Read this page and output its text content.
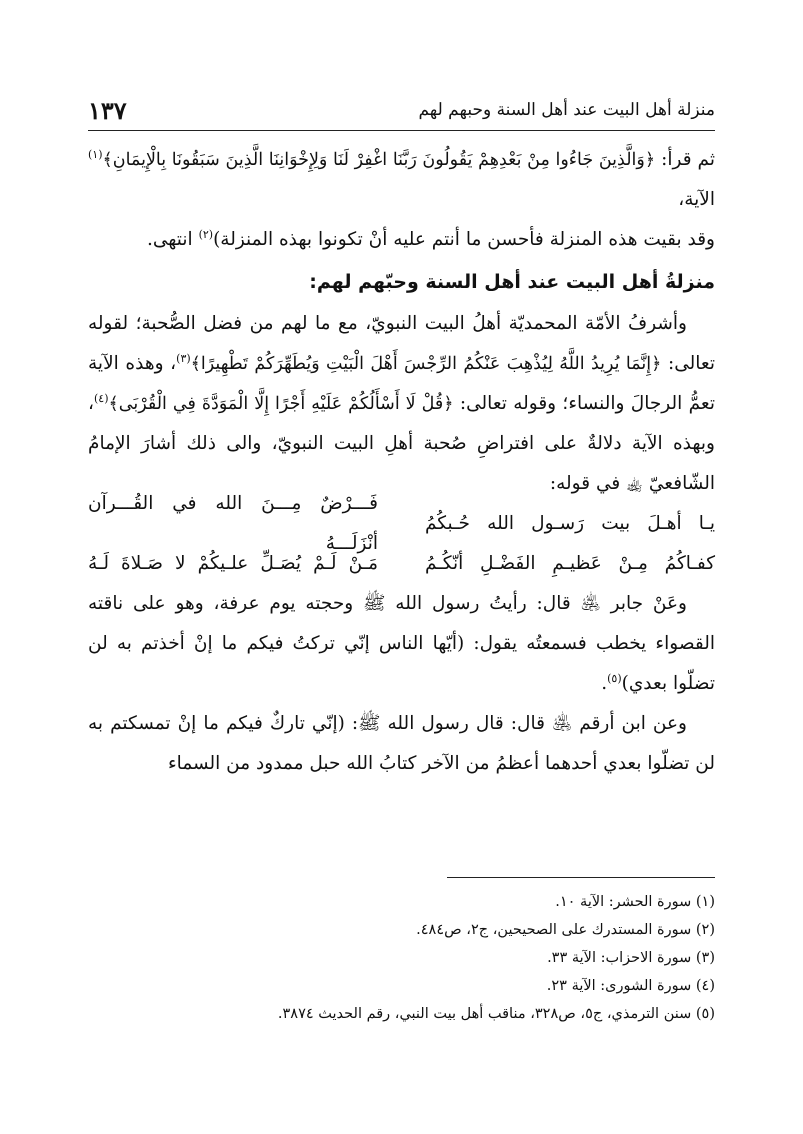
١٣٧	منزلة أهل البيت عند أهل السنة وحبهم لهم

ثم قرأ: ﴿وَالَّذِينَ جَاءُوا مِنْ بَعْدِهِمْ يَقُولُونَ رَبَّنَا اغْفِرْ لَنَا وَلِإِخْوَانِنَا الَّذِينَ سَبَقُونَا بِالْإِيمَانِ﴾$^{(١)}$ الآية،

وقد بقيت هذه المنزلة فأحسن ما أنتم عليه أنْ تكونوا بهذه المنزلة)$^{(٢)}$ انتهى.

منزلةُ أهل البيت عند أهل السنة وحبّهم لهم:

وأشرفُ الأمّة المحمديّة أهلُ البيت النبويّ، مع ما لهم من فضل الصُّحبة؛ لقوله تعالى: ﴿إِنَّمَا يُرِيدُ اللَّهُ لِيُذْهِبَ عَنْكُمُ الرِّجْسَ أَهْلَ الْبَيْتِ وَيُطَهِّرَكُمْ تَطْهِيرًا﴾$^{(٣)}$، وهذه الآية تعمُّ الرجالَ والنساء؛ وقوله تعالى: ﴿قُلْ لَا أَسْأَلُكُمْ عَلَيْهِ أَجْرًا إِلَّا الْمَوَدَّةَ فِي الْقُرْبَى﴾$^{(٤)}$، وبهذه الآية دلالةٌ على افتراضِ صُحبة أهلِ البيت النبويّ، والى ذلك أشارَ الإمامُ الشّافعيّ ﵀ في قوله:

يـا أهـلَ بيت رَسـول الله حُـبكُمُ
فَـــرْضٌ مِـــنَ الله في القُـــرآن أنْزَلَـــهُ
كفـاكُمُ مِـنْ عَظيـمِ الفَضْـلِ أنّكُـمُ
مَـنْ لَـمْ يُصَـلِّ علـيكُمْ لا صَـلاةَ لَـهُ

وعَنْ جابر ﵁ قال: رأيتُ رسول الله ﷺ وحجته يوم عرفة، وهو على ناقته القصواء يخطب فسمعتُه يقول: (أيّها الناس إنّي تركتُ فيكم ما إنْ أخذتم به لن تضلّوا بعدي)$^{(٥)}$.

وعن ابن أرقم ﵁ قال: قال رسول الله ﷺ: (إنّي تاركٌ فيكم ما إنْ تمسكتم به لن تضلّوا بعدي أحدهما أعظمُ من الآخر كتابُ الله حبل ممدود من السماء

(١) سورة الحشر: الآية ١٠.
(٢) سورة المستدرك على الصحيحين، ج٢، ص٤٨٤.
(٣) سورة الاحزاب: الآية ٣٣.
(٤) سورة الشورى: الآية ٢٣.
(٥) سنن الترمذي، ج٥، ص٣٢٨، مناقب أهل بيت النبي، رقم الحديث ٣٨٧٤.
